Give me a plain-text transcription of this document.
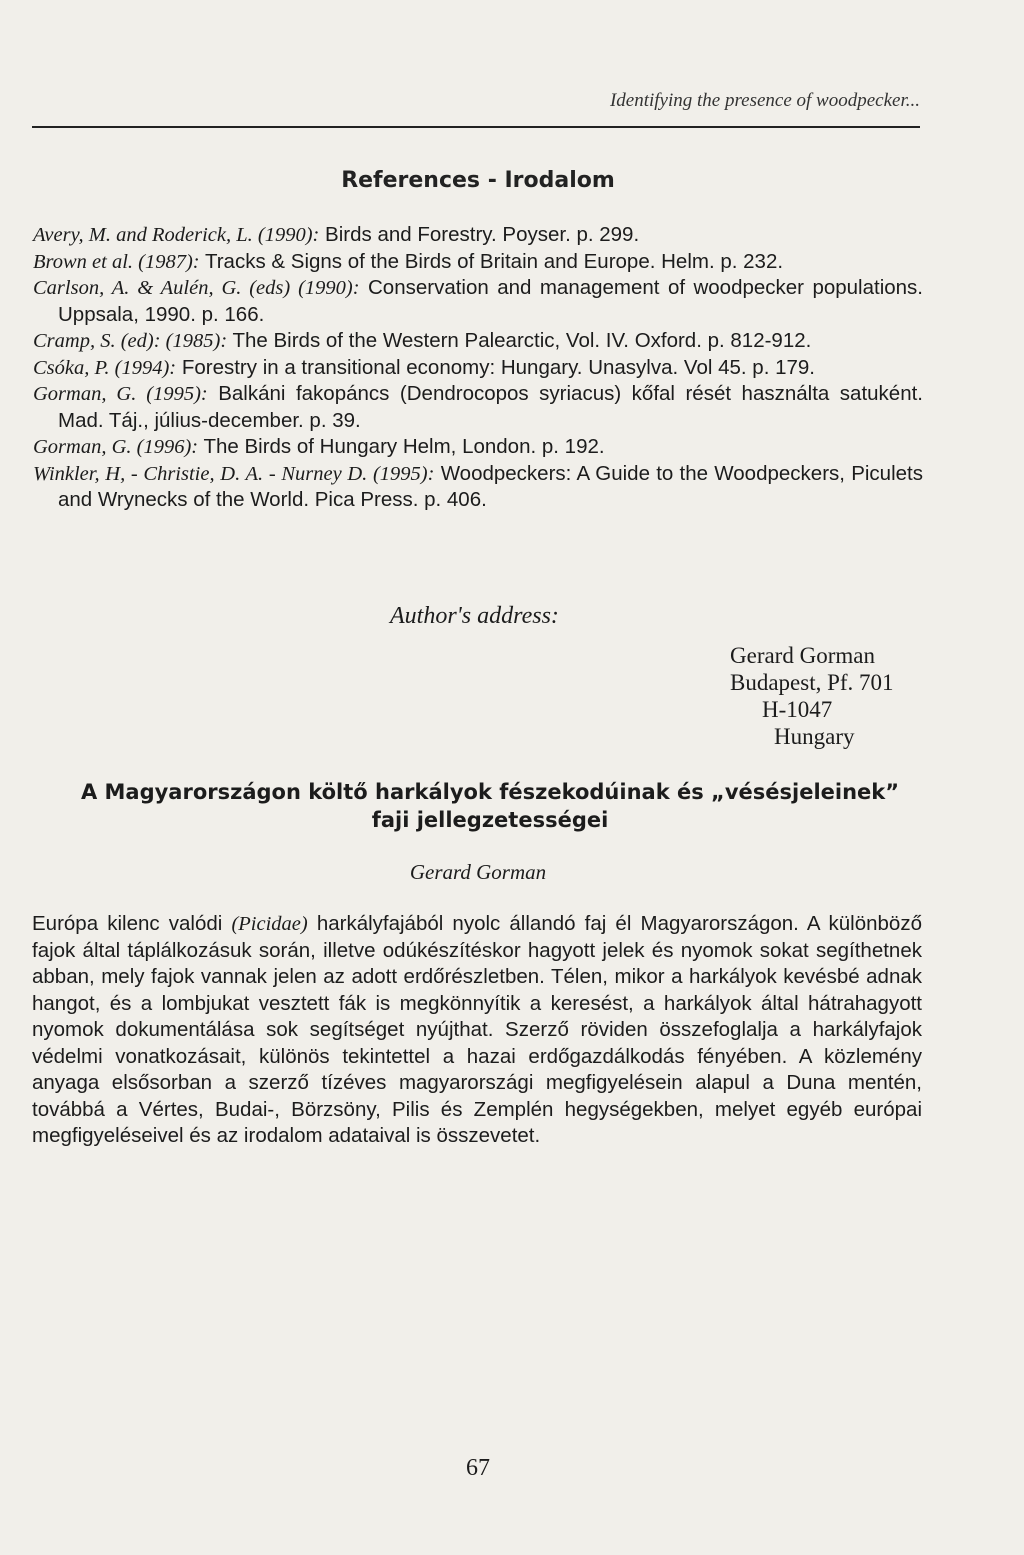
Identifying the presence of woodpecker...
References - Irodalom
Avery, M. and Roderick, L. (1990): Birds and Forestry. Poyser. p. 299.
Brown et al. (1987): Tracks & Signs of the Birds of Britain and Europe. Helm. p. 232.
Carlson, A. & Aulén, G. (eds) (1990): Conservation and management of woodpecker populations. Uppsala, 1990. p. 166.
Cramp, S. (ed): (1985): The Birds of the Western Palearctic, Vol. IV. Oxford. p. 812-912.
Csóka, P. (1994): Forestry in a transitional economy: Hungary. Unasylva. Vol 45. p. 179.
Gorman, G. (1995): Balkáni fakopáncs (Dendrocopos syriacus) kőfal rését használta satuként. Mad. Táj., július-december. p. 39.
Gorman, G. (1996): The Birds of Hungary Helm, London. p. 192.
Winkler, H, - Christie, D. A. - Nurney D. (1995): Woodpeckers: A Guide to the Woodpeckers, Piculets and Wrynecks of the World. Pica Press. p. 406.
Author's address:
Gerard Gorman
Budapest, Pf. 701
H-1047
Hungary
A Magyarországon költő harkályok fészekodúinak és „vésésjeleinek”
faji jellegzetességei
Gerard Gorman
Európa kilenc valódi (Picidae) harkályfajából nyolc állandó faj él Magyarországon. A különböző fajok által táplálkozásuk során, illetve odúkészítéskor hagyott jelek és nyomok sokat segíthetnek abban, mely fajok vannak jelen az adott erdőrészletben. Télen, mikor a harkályok kevésbé adnak hangot, és a lombjukat vesztett fák is megkönnyítik a keresést, a harkályok által hátrahagyott nyomok dokumentálása sok segítséget nyújthat. Szerző röviden összefoglalja a harkályfajok védelmi vonatkozásait, különös tekintettel a hazai erdőgazdálkodás fényében. A közlemény anyaga elsősorban a szerző tízéves magyarországi megfigyelésein alapul a Duna mentén, továbbá a Vértes, Budai-, Börzsöny, Pilis és Zemplén hegységekben, melyet egyéb európai megfigyeléseivel és az irodalom adataival is összevetet.
67
